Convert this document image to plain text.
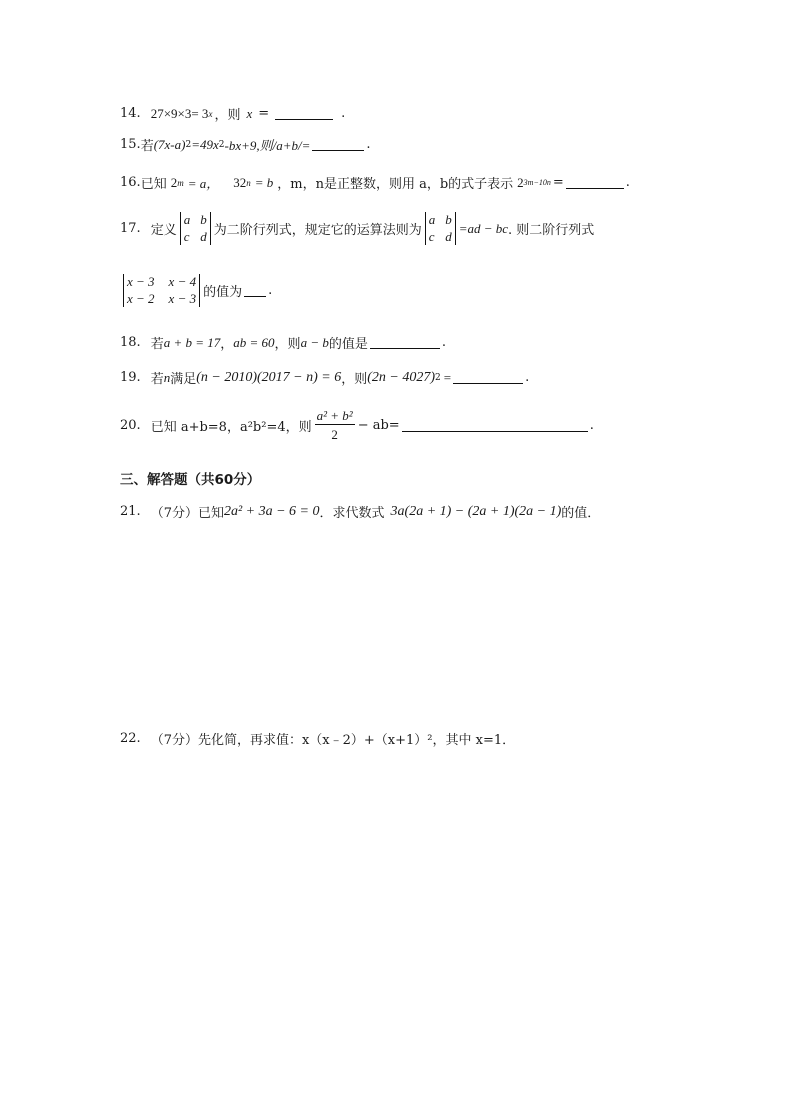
14. 27×9×3= 3 x ，则 x =	.
15. 若 (7x-a) 2 =49x 2 -bx+9,则/a+b/=	.
16. 已知 2 m = a， 32 n = b ，m，n是正整数，则用 a，b的式子表示 2 3m−10n =	.
17. 定义
a b
c d 为二阶行列式，规定它的运算法则为
a b
c d
=ad − bc . 则二阶行列式
x − 3 x − 4
x − 2 x − 3 的值为 .
18. 若 a + b = 17 ， ab = 60 ，则 a − b 的值是	.
19. 若 n 满足 (n − 2010)(2017 − n) = 6 ，则 (2n − 4027) 2 =	.
20. 已知 a+b=8，a²b²=4，则 $\frac{\text{a² + b²}}{2} - ab=$	.
三、解答题（共60分）
21. （7分）已知 2a² + 3a − 6 = 0 ．求代数式 3a(2a + 1) − (2a + 1)(2a − 1) 的值．
22. （7分）先化简，再求值：x（x﹣2）+（x+1）²，其中 x=1．
